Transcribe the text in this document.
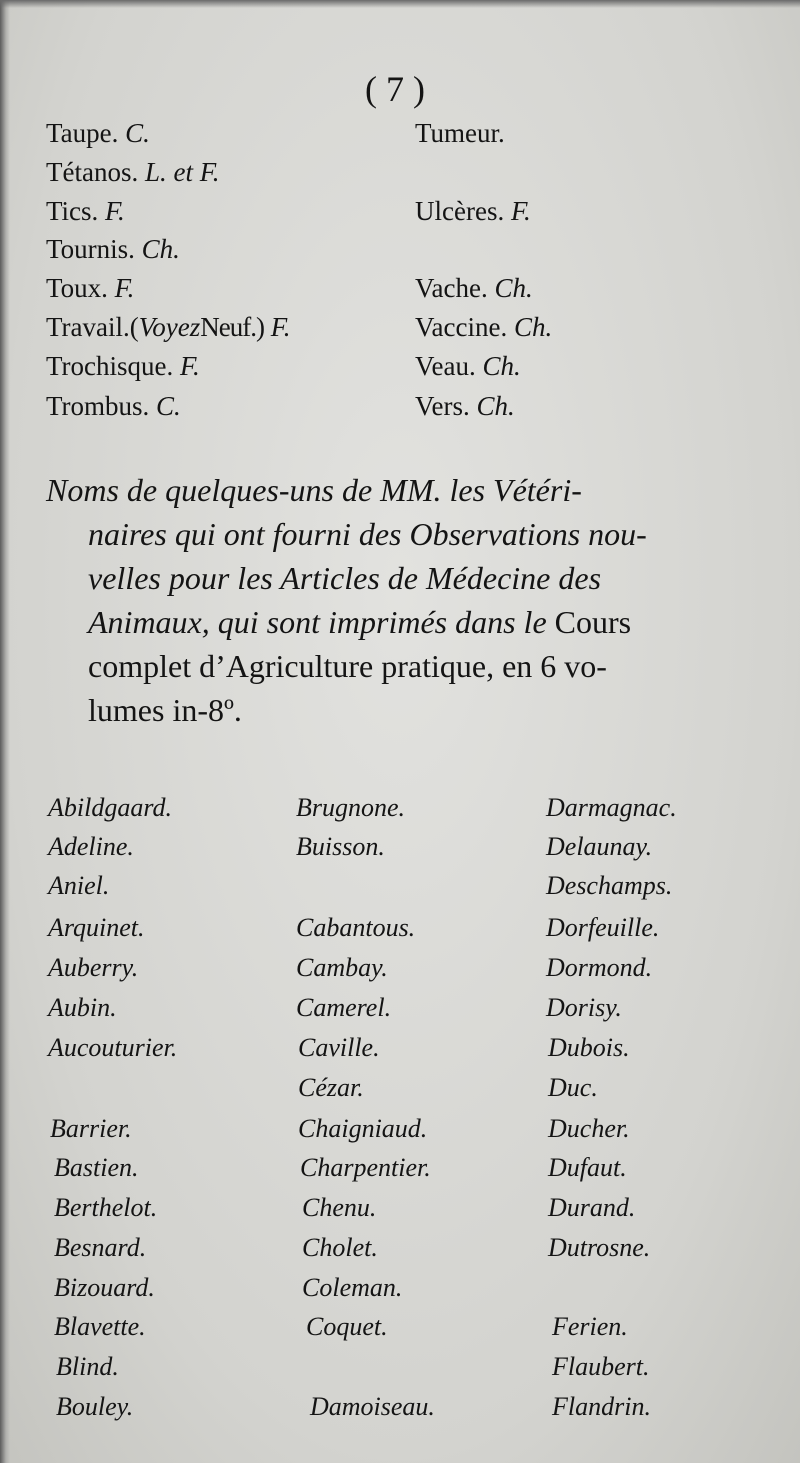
( 7 )
Taupe. C.
Tétanos. L. et F.
Tics. F.
Tournis. Ch.
Toux. F.
Travail.(VoyezNeuf.) F.
Trochisque. F.
Trombus. C.
Tumeur.
Ulcères. F.
Vache. Ch.
Vaccine. Ch.
Veau. Ch.
Vers. Ch.
Noms de quelques-uns de MM. les Vétéri-
naires qui ont fourni des Observations nou-
velles pour les Articles de Médecine des
Animaux, qui sont imprimés dans le Cours
complet d’Agriculture pratique, en 6 vo-
lumes in-8º.
Abildgaard.
Adeline.
Aniel.
Arquinet.
Auberry.
Aubin.
Aucouturier.
Barrier.
Bastien.
Berthelot.
Besnard.
Bizouard.
Blavette.
Blind.
Bouley.
Brugnone.
Buisson.
Cabantous.
Cambay.
Camerel.
Caville.
Cézar.
Chaigniaud.
Charpentier.
Chenu.
Cholet.
Coleman.
Coquet.
Damoiseau.
Darmagnac.
Delaunay.
Deschamps.
Dorfeuille.
Dormond.
Dorisy.
Dubois.
Duc.
Ducher.
Dufaut.
Durand.
Dutrosne.
Ferien.
Flaubert.
Flandrin.
